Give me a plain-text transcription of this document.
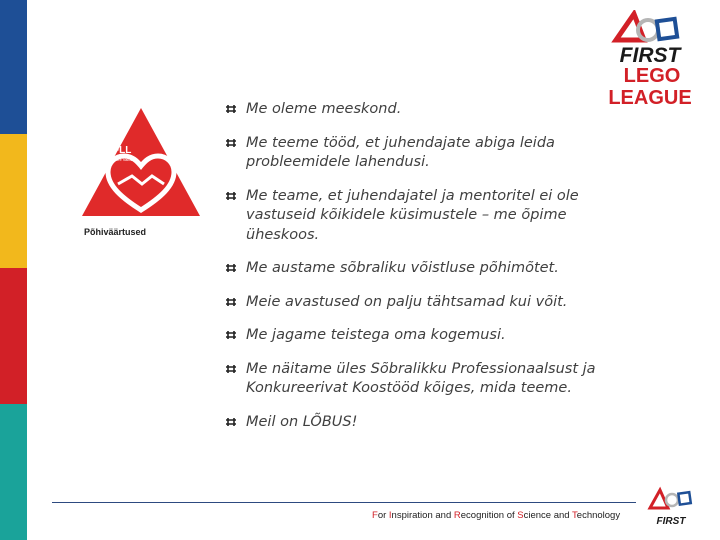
FIRST
LEGO
LEAGUE
FLL
Core Values
Põhiväärtused
Me oleme meeskond.
Me teeme tööd, et juhendajate abiga leida probleemidele lahendusi.
Me teame, et juhendajatel ja mentoritel ei ole vastuseid kõikidele küsimustele – me õpime üheskoos.
Me austame sõbraliku võistluse põhimõtet.
Meie avastused on palju tähtsamad kui võit.
Me jagame teistega oma kogemusi.
Me näitame üles Sõbralikku Professionaalsust ja Konkureerivat Koostööd kõiges, mida teeme.
Meil on LÕBUS!
For Inspiration and Recognition of Science and Technology
FIRST
